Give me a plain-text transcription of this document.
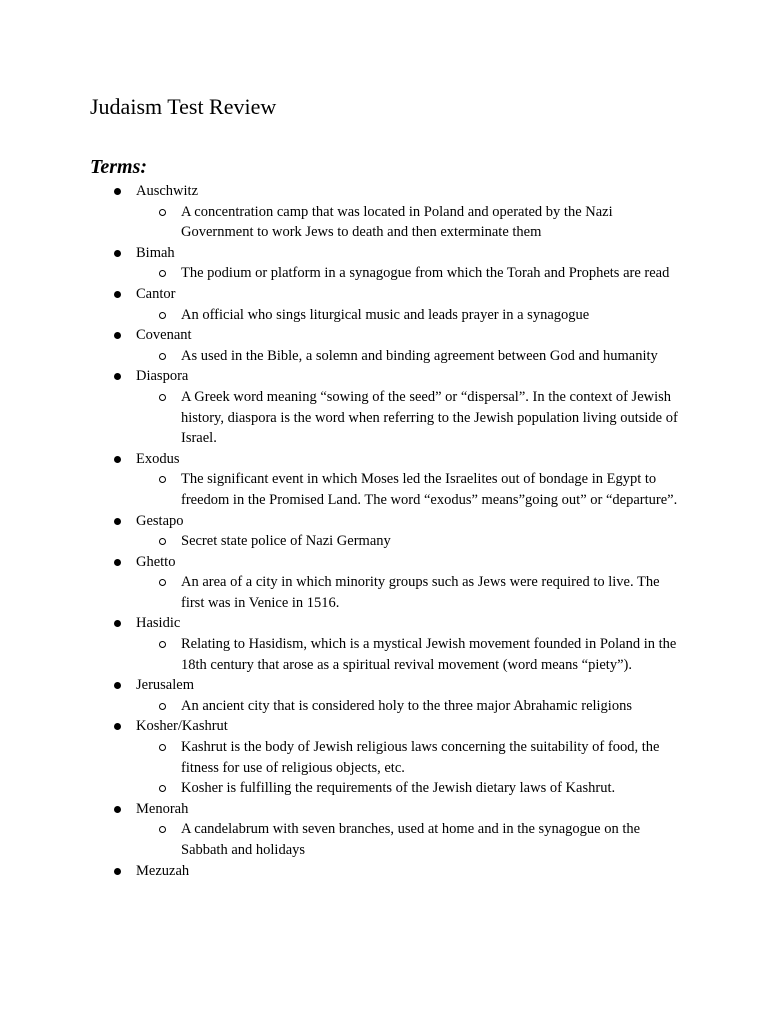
Judaism Test Review
Terms:
Auschwitz
A concentration camp that was located in Poland and operated by the Nazi Government to work Jews to death and then exterminate them
Bimah
The podium or platform in a synagogue from which the Torah and Prophets are read
Cantor
An official who sings liturgical music and leads prayer in a synagogue
Covenant
As used in the Bible, a solemn and binding agreement between God and humanity
Diaspora
A Greek word meaning “sowing of the seed” or “dispersal”. In the context of Jewish history, diaspora is the word when referring to the Jewish population living outside of Israel.
Exodus
The significant event in which Moses led the Israelites out of bondage in Egypt to freedom in the Promised Land. The word “exodus” means”going out” or “departure”.
Gestapo
Secret state police of Nazi Germany
Ghetto
An area of a city in which minority groups such as Jews were required to live. The first was in Venice in 1516.
Hasidic
Relating to Hasidism, which is a mystical Jewish movement founded in Poland in the 18th century that arose as a spiritual revival movement (word means “piety”).
Jerusalem
An ancient city that is considered holy to the three major Abrahamic religions
Kosher/Kashrut
Kashrut is the body of Jewish religious laws concerning the suitability of food, the fitness for use of religious objects, etc.
Kosher is fulfilling the requirements of the Jewish dietary laws of Kashrut.
Menorah
A candelabrum with seven branches, used at home and in the synagogue on the Sabbath and holidays
Mezuzah
